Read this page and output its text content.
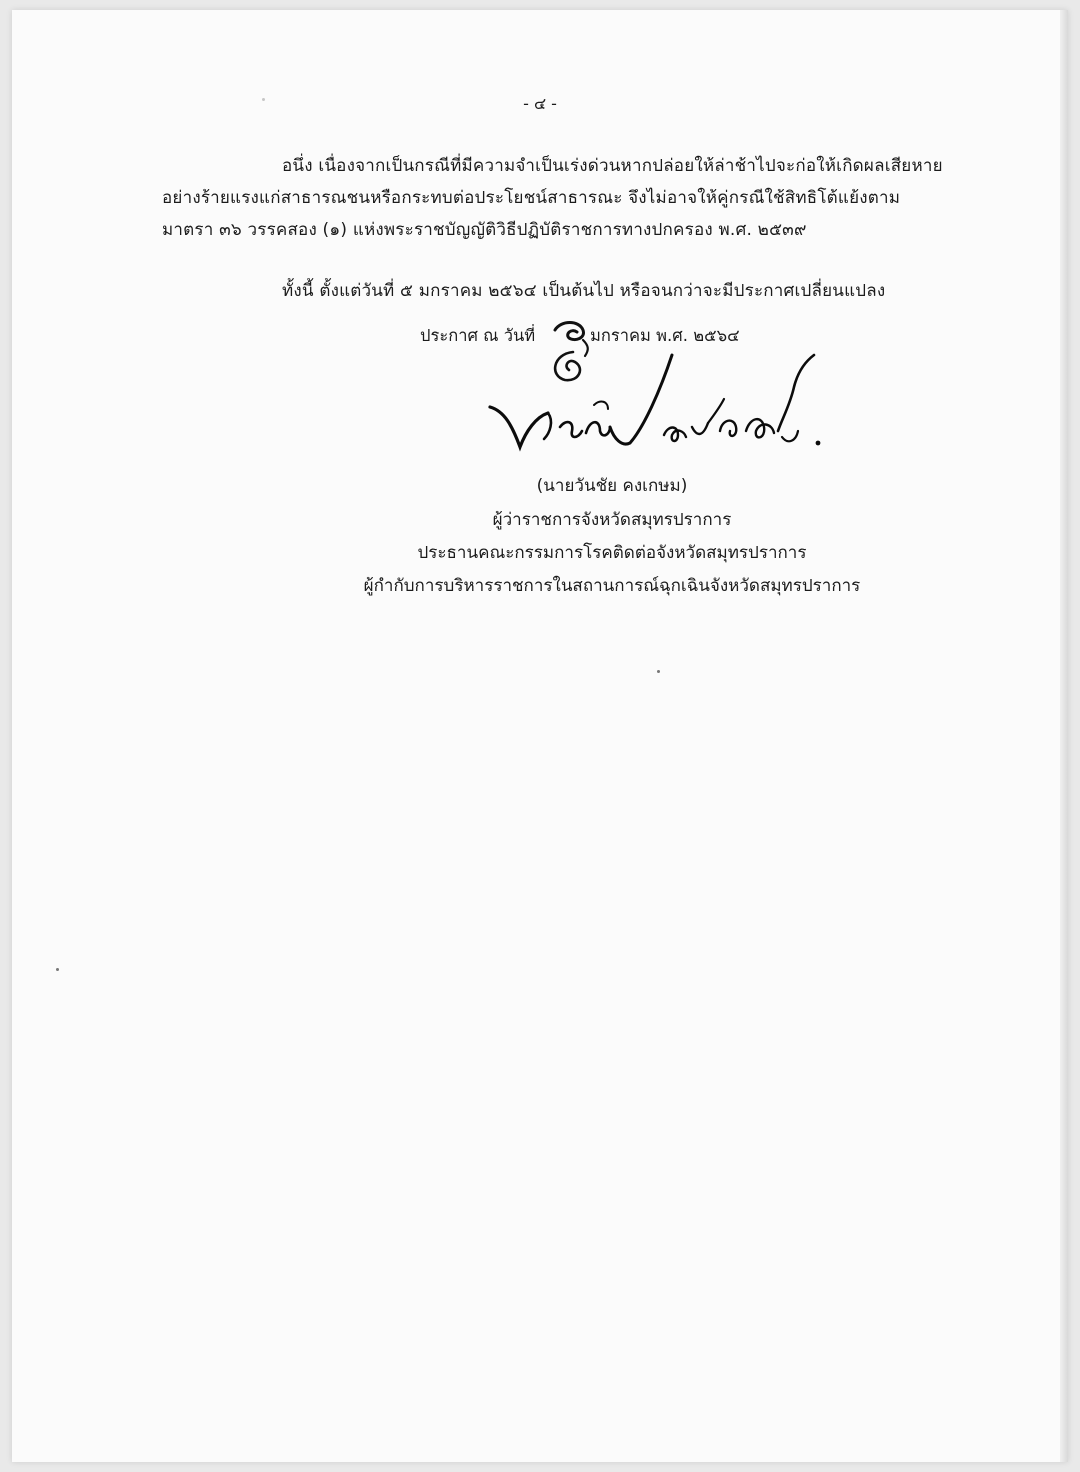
- ๔ -
อนึ่ง เนื่องจากเป็นกรณีที่มีความจำเป็นเร่งด่วนหากปล่อยให้ล่าช้าไปจะก่อให้เกิดผลเสียหาย
อย่างร้ายแรงแก่สาธารณชนหรือกระทบต่อประโยชน์สาธารณะ จึงไม่อาจให้คู่กรณีใช้สิทธิโต้แย้งตาม
มาตรา ๓๖ วรรคสอง (๑) แห่งพระราชบัญญัติวิธีปฏิบัติราชการทางปกครอง พ.ศ. ๒๕๓๙
ทั้งนี้ ตั้งแต่วันที่ ๕ มกราคม ๒๕๖๔ เป็นต้นไป หรือจนกว่าจะมีประกาศเปลี่ยนแปลง
ประกาศ ณ วันที่	มกราคม พ.ศ. ๒๕๖๔
(นายวันชัย คงเกษม)
ผู้ว่าราชการจังหวัดสมุทรปราการ
ประธานคณะกรรมการโรคติดต่อจังหวัดสมุทรปราการ
ผู้กำกับการบริหารราชการในสถานการณ์ฉุกเฉินจังหวัดสมุทรปราการ
